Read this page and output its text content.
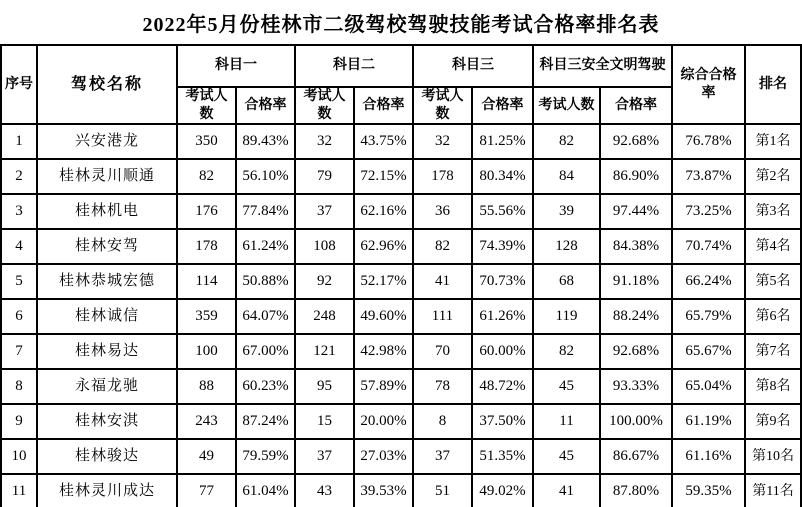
2022年5月份桂林市二级驾校驾驶技能考试合格率排名表
序号	驾校名称	科目一		科目二		科目三		科目三安全文明驾驶		综合合格率	排名
		考试人数	合格率	考试人数	合格率	考试人数	合格率	考试人数	合格率		
1	兴安港龙	350	89.43%	32	43.75%	32	81.25%	82	92.68%	76.78%	第1名
2	桂林灵川顺通	82	56.10%	79	72.15%	178	80.34%	84	86.90%	73.87%	第2名
3	桂林机电	176	77.84%	37	62.16%	36	55.56%	39	97.44%	73.25%	第3名
4	桂林安驾	178	61.24%	108	62.96%	82	74.39%	128	84.38%	70.74%	第4名
5	桂林恭城宏德	114	50.88%	92	52.17%	41	70.73%	68	91.18%	66.24%	第5名
6	桂林诚信	359	64.07%	248	49.60%	111	61.26%	119	88.24%	65.79%	第6名
7	桂林易达	100	67.00%	121	42.98%	70	60.00%	82	92.68%	65.67%	第7名
8	永福龙驰	88	60.23%	95	57.89%	78	48.72%	45	93.33%	65.04%	第8名
9	桂林安淇	243	87.24%	15	20.00%	8	37.50%	11	100.00%	61.19%	第9名
10	桂林骏达	49	79.59%	37	27.03%	37	51.35%	45	86.67%	61.16%	第10名
11	桂林灵川成达	77	61.04%	43	39.53%	51	49.02%	41	87.80%	59.35%	第11名
